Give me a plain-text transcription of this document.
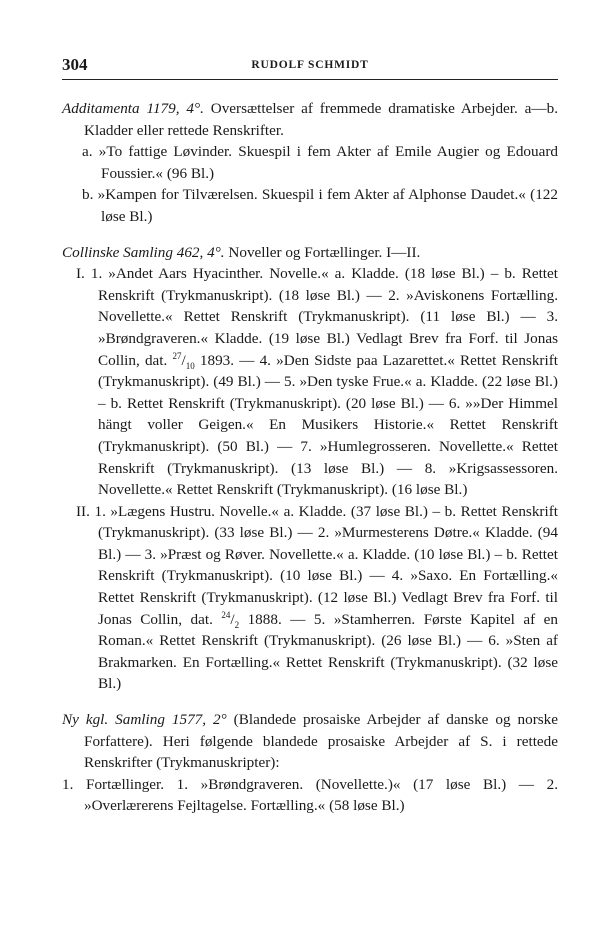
304	RUDOLF SCHMIDT

Additamenta 1179, 4°. Oversættelser af fremmede dramatiske Arbejder. a—b. Kladder eller rettede Renskrifter.

a. »To fattige Løvinder. Skuespil i fem Akter af Emile Augier og Edouard Foussier.« (96 Bl.)

b. »Kampen for Tilværelsen. Skuespil i fem Akter af Alphonse Daudet.« (122 løse Bl.)

Collinske Samling 462, 4°. Noveller og Fortællinger. I—II.

I. 1. »Andet Aars Hyacinther. Novelle.« a. Kladde. (18 løse Bl.) – b. Rettet Renskrift (Trykmanuskript). (18 løse Bl.) — 2. »Aviskonens Fortælling. Novellette.« Rettet Renskrift (Trykmanuskript). (11 løse Bl.) — 3. »Brøndgraveren.« Kladde. (19 løse Bl.) Vedlagt Brev fra Forf. til Jonas Collin, dat. $^{27}/_{10}$ 1893. — 4. »Den Sidste paa Lazarettet.« Rettet Renskrift (Trykmanuskript). (49 Bl.) — 5. »Den tyske Frue.« a. Kladde. (22 løse Bl.) – b. Rettet Renskrift (Trykmanuskript). (20 løse Bl.) — 6. »»Der Himmel hängt voller Geigen.« En Musikers Historie.« Rettet Renskrift (Trykmanuskript). (50 Bl.) — 7. »Humlegrosseren. Novellette.« Rettet Renskrift (Trykmanuskript). (13 løse Bl.) — 8. »Krigsassessoren. Novellette.« Rettet Renskrift (Trykmanuskript). (16 løse Bl.)

II. 1. »Lægens Hustru. Novelle.« a. Kladde. (37 løse Bl.) – b. Rettet Renskrift (Trykmanuskript). (33 løse Bl.) — 2. »Murmesterens Døtre.« Kladde. (94 Bl.) — 3. »Præst og Røver. Novellette.« a. Kladde. (10 løse Bl.) – b. Rettet Renskrift (Trykmanuskript). (10 løse Bl.) — 4. »Saxo. En Fortælling.« Rettet Renskrift (Trykmanuskript). (12 løse Bl.) Vedlagt Brev fra Forf. til Jonas Collin, dat. $^{24}/_2$ 1888. — 5. »Stamherren. Første Kapitel af en Roman.« Rettet Renskrift (Trykmanuskript). (26 løse Bl.) — 6. »Sten af Brakmarken. En Fortælling.« Rettet Renskrift (Trykmanuskript). (32 løse Bl.)

Ny kgl. Samling 1577, 2° (Blandede prosaiske Arbejder af danske og norske Forfattere). Heri følgende blandede prosaiske Arbejder af S. i rettede Renskrifter (Trykmanuskripter):

1. Fortællinger. 1. »Brøndgraveren. (Novellette.)« (17 løse Bl.) — 2. »Overlærerens Fejltagelse. Fortælling.« (58 løse Bl.)
